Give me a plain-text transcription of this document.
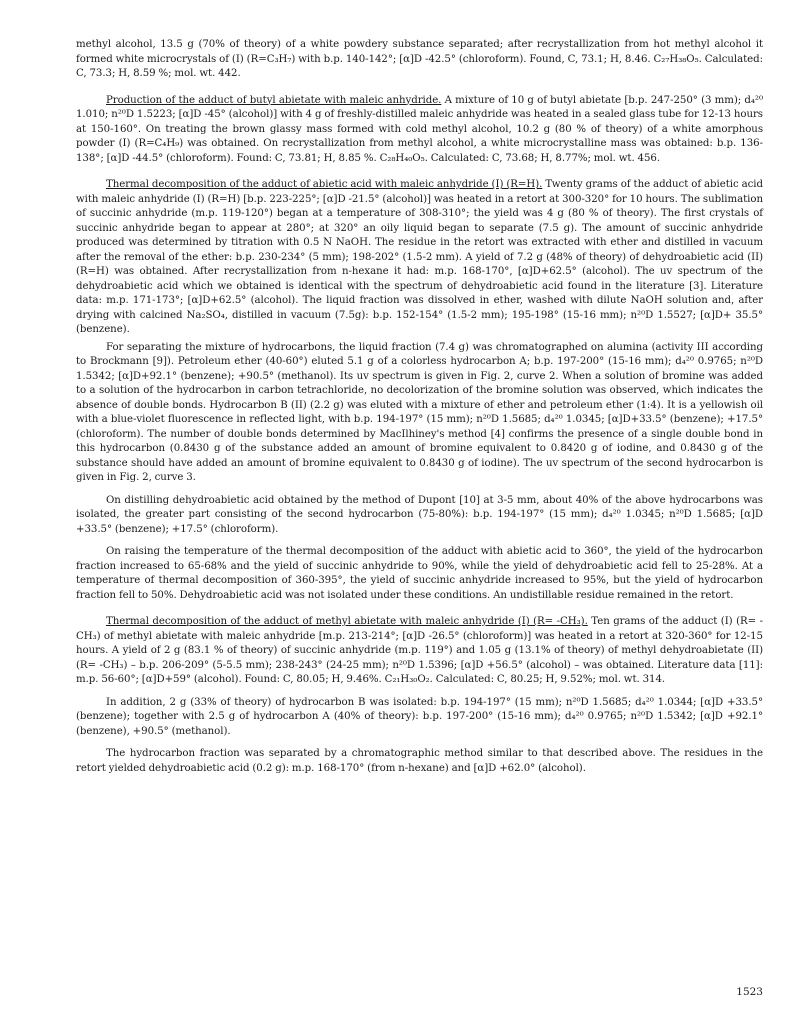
methyl alcohol, 13.5 g (70% of theory) of a white powdery substance separated; after recrystallization from hot methyl alcohol it formed white microcrystals of (I) (R=C₃H₇) with b.p. 140-142°; [α]D -42.5° (chloroform). Found, C, 73.1; H, 8.46. C₂₇H₃₈O₅. Calculated: C, 73.3; H, 8.59 %; mol. wt. 442.

Production of the adduct of butyl abietate with maleic anhydride. A mixture of 10 g of butyl abietate [b.p. 247-250° (3 mm); d₄²⁰ 1.010; n²⁰D 1.5223; [α]D -45° (alcohol)] with 4 g of freshly-distilled maleic anhydride was heated in a sealed glass tube for 12-13 hours at 150-160°. On treating the brown glassy mass formed with cold methyl alcohol, 10.2 g (80 % of theory) of a white amorphous powder (I) (R=C₄H₉) was obtained. On recrystallization from methyl alcohol, a white microcrystalline mass was obtained: b.p. 136-138°; [α]D -44.5° (chloroform). Found: C, 73.81; H, 8.85 %. C₂₈H₄₀O₅. Calculated: C, 73.68; H, 8.77%; mol. wt. 456.

Thermal decomposition of the adduct of abietic acid with maleic anhydride (I) (R=H). Twenty grams of the adduct of abietic acid with maleic anhydride (I) (R=H) [b.p. 223-225°; [α]D -21.5° (alcohol)] was heated in a retort at 300-320° for 10 hours. The sublimation of succinic anhydride (m.p. 119-120°) began at a temperature of 308-310°; the yield was 4 g (80 % of theory). The first crystals of succinic anhydride began to appear at 280°; at 320° an oily liquid began to separate (7.5 g). The amount of succinic anhydride produced was determined by titration with 0.5 N NaOH. The residue in the retort was extracted with ether and distilled in vacuum after the removal of the ether: b.p. 230-234° (5 mm); 198-202° (1.5-2 mm). A yield of 7.2 g (48% of theory) of dehydroabietic acid (II) (R=H) was obtained. After recrystallization from n-hexane it had: m.p. 168-170°, [α]D+62.5° (alcohol). The uv spectrum of the dehydroabietic acid which we obtained is identical with the spectrum of dehydroabietic acid found in the literature [3]. Literature data: m.p. 171-173°; [α]D+62.5° (alcohol). The liquid fraction was dissolved in ether, washed with dilute NaOH solution and, after drying with calcined Na₂SO₄, distilled in vacuum (7.5g): b.p. 152-154° (1.5-2 mm); 195-198° (15-16 mm); n²⁰D 1.5527; [α]D+ 35.5° (benzene).

For separating the mixture of hydrocarbons, the liquid fraction (7.4 g) was chromatographed on alumina (activity III according to Brockmann [9]). Petroleum ether (40-60°) eluted 5.1 g of a colorless hydrocarbon A; b.p. 197-200° (15-16 mm); d₄²⁰ 0.9765; n²⁰D 1.5342; [α]D+92.1° (benzene); +90.5° (methanol). Its uv spectrum is given in Fig. 2, curve 2. When a solution of bromine was added to a solution of the hydrocarbon in carbon tetrachloride, no decolorization of the bromine solution was observed, which indicates the absence of double bonds. Hydrocarbon B (II) (2.2 g) was eluted with a mixture of ether and petroleum ether (1:4). It is a yellowish oil with a blue-violet fluorescence in reflected light, with b.p. 194-197° (15 mm); n²⁰D 1.5685; d₄²⁰ 1.0345; [α]D+33.5° (benzene); +17.5° (chloroform). The number of double bonds determined by MacIlhiney's method [4] confirms the presence of a single double bond in this hydrocarbon (0.8430 g of the substance added an amount of bromine equivalent to 0.8420 g of iodine, and 0.8430 g of the substance should have added an amount of bromine equivalent to 0.8430 g of iodine). The uv spectrum of the second hydrocarbon is given in Fig. 2, curve 3.

On distilling dehydroabietic acid obtained by the method of Dupont [10] at 3-5 mm, about 40% of the above hydrocarbons was isolated, the greater part consisting of the second hydrocarbon (75-80%): b.p. 194-197° (15 mm); d₄²⁰ 1.0345; n²⁰D 1.5685; [α]D +33.5° (benzene); +17.5° (chloroform).

On raising the temperature of the thermal decomposition of the adduct with abietic acid to 360°, the yield of the hydrocarbon fraction increased to 65-68% and the yield of succinic anhydride to 90%, while the yield of dehydroabietic acid fell to 25-28%. At a temperature of thermal decomposition of 360-395°, the yield of succinic anhydride increased to 95%, but the yield of hydrocarbon fraction fell to 50%. Dehydroabietic acid was not isolated under these conditions. An undistillable residue remained in the retort.

Thermal decomposition of the adduct of methyl abietate with maleic anhydride (I) (R= -CH₃). Ten grams of the adduct (I) (R= -CH₃) of methyl abietate with maleic anhydride [m.p. 213-214°; [α]D -26.5° (chloroform)] was heated in a retort at 320-360° for 12-15 hours. A yield of 2 g (83.1 % of theory) of succinic anhydride (m.p. 119°) and 1.05 g (13.1% of theory) of methyl dehydroabietate (II) (R= -CH₃) – b.p. 206-209° (5-5.5 mm); 238-243° (24-25 mm); n²⁰D 1.5396; [α]D +56.5° (alcohol) – was obtained. Literature data [11]: m.p. 56-60°; [α]D+59° (alcohol). Found: C, 80.05; H, 9.46%. C₂₁H₃₀O₂. Calculated: C, 80.25; H, 9.52%; mol. wt. 314.

In addition, 2 g (33% of theory) of hydrocarbon B was isolated: b.p. 194-197° (15 mm); n²⁰D 1.5685; d₄²⁰ 1.0344; [α]D +33.5° (benzene); together with 2.5 g of hydrocarbon A (40% of theory): b.p. 197-200° (15-16 mm); d₄²⁰ 0.9765; n²⁰D 1.5342; [α]D +92.1° (benzene), +90.5° (methanol).

The hydrocarbon fraction was separated by a chromatographic method similar to that described above. The residues in the retort yielded dehydroabietic acid (0.2 g): m.p. 168-170° (from n-hexane) and [α]D +62.0° (alcohol).

1523
